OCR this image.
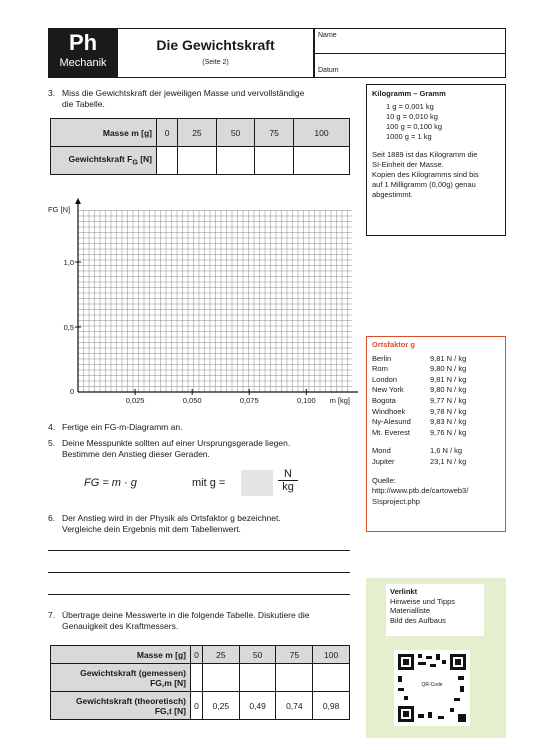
Ph
Mechanik
Die Gewichtskraft
(Seite 2)
Name
Datum
3. Miss die Gewichtskraft der jeweiligen Masse und vervollständige
die Tabelle.
Masse m [g]	0	25	50	75	100
Gewichtskraft $F_G$ [N]					
0,025	0,050	0,075	0,100
0,5
1,0
0
FG [N]
m [kg]
4. Fertige ein FG-m-Diagramm an.
5. Deine Messpunkte sollten auf einer Ursprungsgerade liegen.
Bestimme den Anstieg dieser Geraden.
FG = m · g	mit g =
N
kg
6. Der Anstieg wird in der Physik als Ortsfaktor g bezeichnet.
Vergleiche dein Ergebnis mit dem Tabellenwert.
7. Übertrage deine Messwerte in die folgende Tabelle. Diskutiere die
Genauigkeit des Kraftmessers.
Masse m [g]	0	25	50	75	100

Gewichtskraft (gemessen)
FG,m [N]					

Gewichtskraft (theoretisch)
FG,t [N]	0	0,25	0,49	0,74	0,98
Kilogramm – Gramm
1 g = 0,001 kg
10 g = 0,010 kg
100 g = 0,100 kg
1000 g = 1 kg
Seit 1889 ist das Kilogramm die
SI-Einheit der Masse.
Kopien des Kilogramms sind bis
auf 1 Milligramm (0,00g) genau
abgestimmt.
Ortsfaktor g
Berlin	9,81 N / kg
Rom	9,80 N / kg
London	9,81 N / kg
New York	9,80 N / kg
Bogota	9,77 N / kg
Windhoek	9,78 N / kg
Ny-Alesund	9,83 N / kg
Mt. Everest	9,76 N / kg
Mond	1,6 N / kg
Jupiter	23,1 N / kg
Quelle:
http://www.ptb.de/cartoweb3/
SIsproject.php
Verlinkt
Hinweise und Tipps
Materialliste
Bild des Aufbaus
QR-Code
